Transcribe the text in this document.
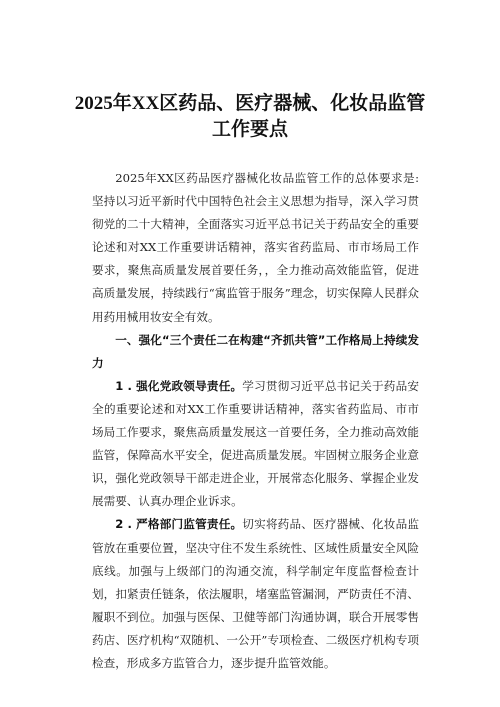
2025年XX区药品、医疗器械、化妆品监管
工作要点

2025年XX区药品医疗器械化妆品监管工作的总体要求是:坚持以习近平新时代中国特色社会主义思想为指导，深入学习贯彻党的二十大精神，全面落实习近平总书记关于药品安全的重要论述和对XX工作重要讲话精神，落实省药监局、市市场局工作要求，聚焦高质量发展首要任务，，全力推动高效能监管，促进高质量发展，持续践行“寓监管于服务”理念，切实保障人民群众用药用械用妆安全有效。

一、强化“三个责任二在构建“齐抓共管”工作格局上持续发力

1 . 强化党政领导责任。学习贯彻习近平总书记关于药品安全的重要论述和对XX工作重要讲话精神，落实省药监局、市市场局工作要求，聚焦高质量发展这一首要任务，全力推动高效能监管，保障高水平安全，促进高质量发展。牢固树立服务企业意识，强化党政领导干部走进企业，开展常态化服务、掌握企业发展需要、认真办理企业诉求。

2 . 严格部门监管责任。切实将药品、医疗器械、化妆品监管放在重要位置，坚决守住不发生系统性、区域性质量安全风险底线。加强与上级部门的沟通交流，科学制定年度监督检查计划，扣紧责任链条，依法履职，堵塞监管漏洞，严防责任不清、履职不到位。加强与医保、卫健等部门沟通协调，联合开展零售药店、医疗机构“双随机、一公开”专项检查、二级医疗机构专项检查，形成多方监管合力，逐步提升监管效能。
